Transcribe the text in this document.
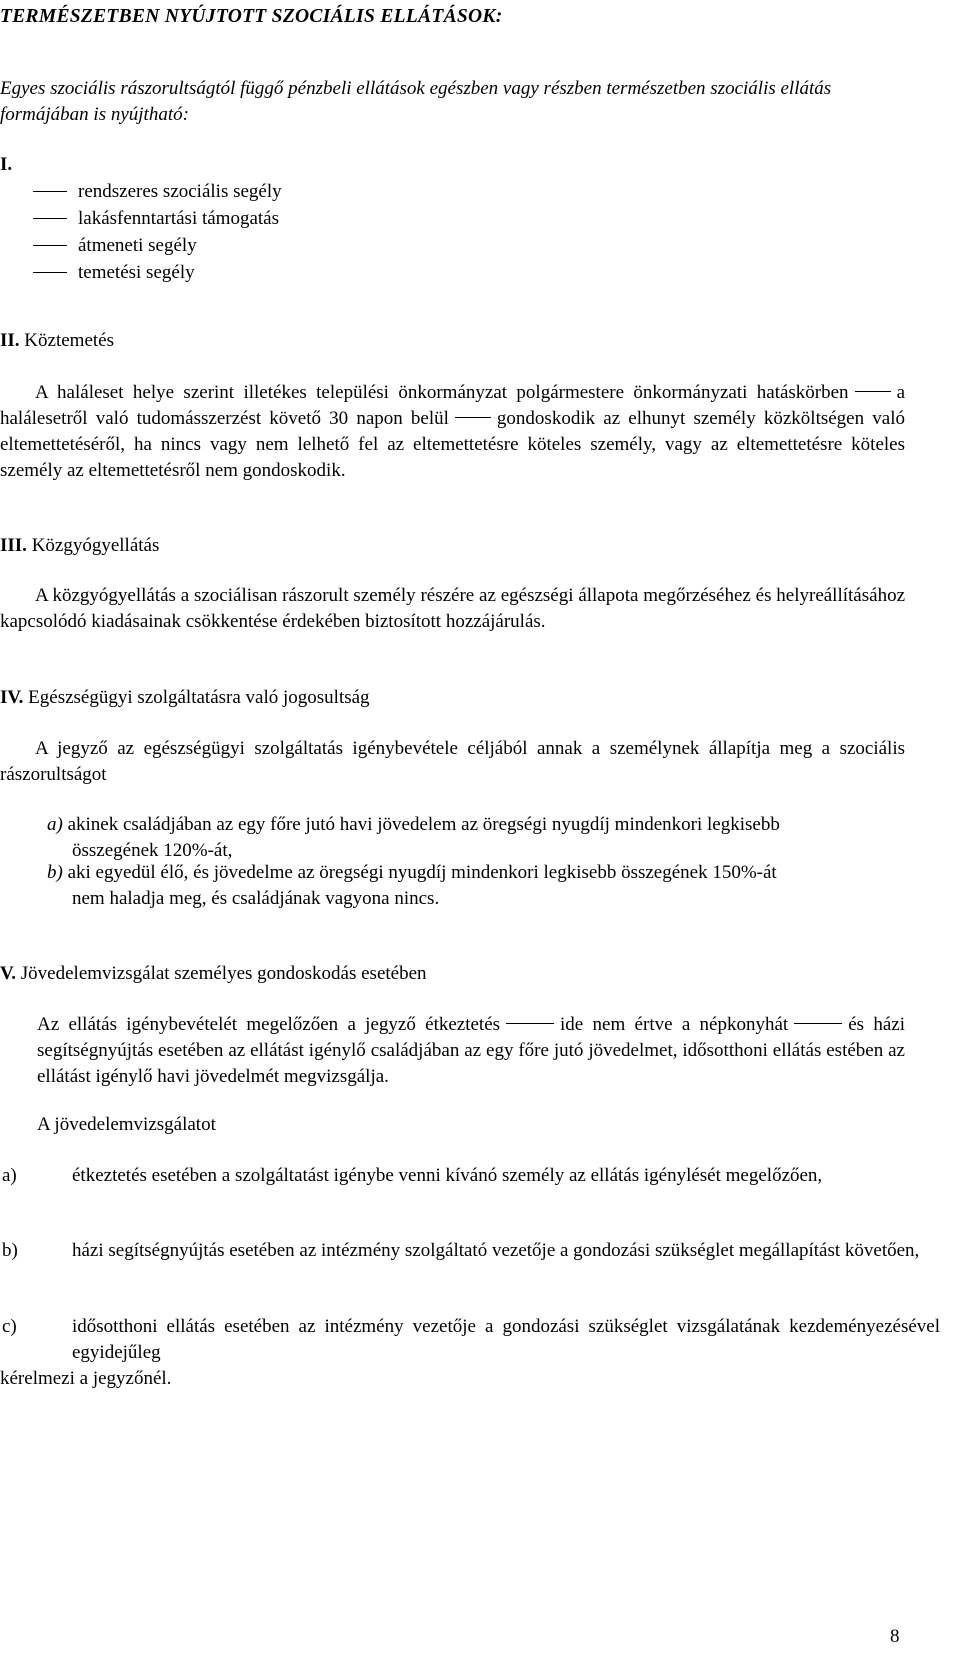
TERMÉSZETBEN NYÚJTOTT SZOCIÁLIS ELLÁTÁSOK:

Egyes szociális rászorultságtól függő pénzbeli ellátások egészben vagy részben természetben szociális ellátás formájában is nyújtható:

I.

rendszeres szociális segély
lakásfenntartási támogatás
átmeneti segély
temetési segély

II. Köztemetés

A haláleset helye szerint illetékes települési önkormányzat polgármestere önkormányzati hatáskörben	a halálesetről való tudomásszerzést követő 30 napon belül	gondoskodik az elhunyt személy közköltségen való eltemettetéséről, ha nincs vagy nem lelhető fel az eltemettetésre köteles személy, vagy az eltemettetésre köteles személy az eltemettetésről nem gondoskodik.

III. Közgyógyellátás

A közgyógyellátás a szociálisan rászorult személy részére az egészségi állapota megőrzéséhez és helyreállításához kapcsolódó kiadásainak csökkentése érdekében biztosított hozzájárulás.

IV. Egészségügyi szolgáltatásra való jogosultság

A jegyző az egészségügyi szolgáltatás igénybevétele céljából annak a személynek állapítja meg a szociális rászorultságot

a) akinek családjában az egy főre jutó havi jövedelem az öregségi nyugdíj mindenkori legkisebb
összegének 120%-át,

b) aki egyedül élő, és jövedelme az öregségi nyugdíj mindenkori legkisebb összegének 150%-át
nem haladja meg, és családjának vagyona nincs.

V. Jövedelemvizsgálat személyes gondoskodás esetében

Az ellátás igénybevételét megelőzően a jegyző étkeztetés	ide nem értve a népkonyhát	és házi segítségnyújtás esetében az ellátást igénylő családjában az egy főre jutó jövedelmet, idősotthoni ellátás estében az ellátást igénylő havi jövedelmét megvizsgálja.

A jövedelemvizsgálatot

a)	étkeztetés esetében a szolgáltatást igénybe venni kívánó személy az ellátás igénylését megelőzően,

b)	házi segítségnyújtás esetében az intézmény szolgáltató vezetője a gondozási szükséglet megállapítást követően,

c)	idősotthoni ellátás esetében az intézmény vezetője a gondozási szükséglet vizsgálatának kezdeményezésével egyidejűleg

kérelmezi a jegyzőnél.

8
